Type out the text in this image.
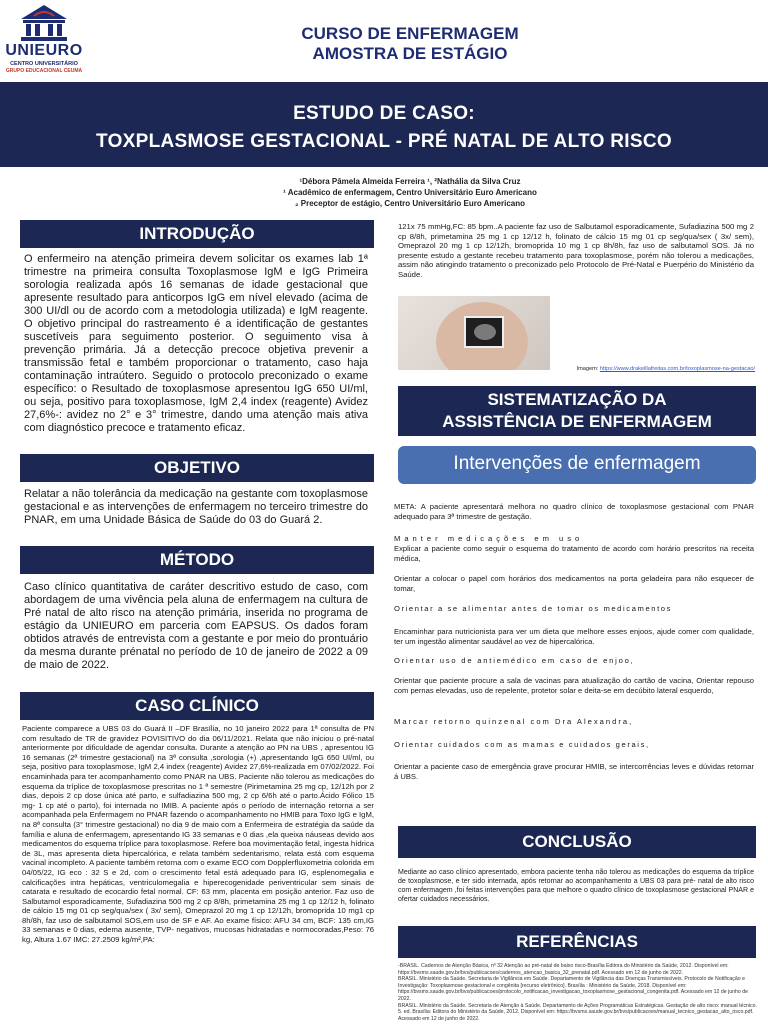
UNIEURO
CENTRO UNIVERSITÁRIO
GRUPO EDUCACIONAL CEUMA
CURSO DE ENFERMAGEM
AMOSTRA DE ESTÁGIO
ESTUDO DE CASO:
TOXPLASMOSE GESTACIONAL - PRÉ NATAL DE ALTO RISCO
¹Débora Pâmela Almeida Ferreira ¹, ²Nathália da Silva Cruz
¹ Acadêmico de enfermagem, Centro Universitário Euro Americano
₂ Preceptor de estágio, Centro Universitário Euro Americano
INTRODUÇÃO
O enfermeiro na atenção primeira devem solicitar os exames lab 1ª trimestre na primeira consulta Toxoplasmose IgM e IgG Primeira sorologia realizada após 16 semanas de idade gestacional que apresente resultado para anticorpos IgG em nível elevado (acima de 300 UI/dl ou de acordo com a metodologia utilizada) e IgM reagente. O objetivo principal do rastreamento é a identificação de gestantes suscetíveis para seguimento posterior. O seguimento visa à prevenção primária. Já a detecção precoce objetiva prevenir a transmissão fetal e também proporcionar o tratamento, caso haja contaminação intraútero. Seguido o protocolo preconizado o exame específico: o Resultado de toxoplasmose apresentou IgG 650 UI/ml, ou seja, positivo para toxoplasmose, IgM 2,4 index (reagente) Avidez 27,6%-: avidez no 2° e 3° trimestre, dando uma atenção mais ativa com diagnóstico precoce e tratamento eficaz.
OBJETIVO
Relatar a não tolerância da medicação na gestante com toxoplasmose gestacional e as intervenções de enfermagem no terceiro trimestre do PNAR, em uma Unidade Básica de Saúde do 03 do Guará 2.
MÉTODO
Caso clínico quantitativa de caráter descritivo estudo de caso, com abordagem de uma vivência pela aluna de enfermagem na cultura de Pré natal de alto risco na atenção primária, inserida no programa de estágio da UNIEURO em parceria com EAPSUS. Os dados foram obtidos através de entrevista com a gestante e por meio do prontuário da mesma durante prénatal no período de 10 de janeiro de 2022 a 09 de maio de 2022.
CASO CLÍNICO
Paciente comparece a UBS 03 do Guará II –DF Brasília, no 10 janeiro 2022 para 1ª consulta de PN com resultado de TR de gravidez POVISITIVO do dia 06/11/2021. Relata que não iniciou o pré-natal anteriormente por dificuldade de agendar consulta. Durante a atenção ao PN na UBS , apresentou IG 16 semanas (2ª trimestre gestacional) na 3ª consulta ,sorologia (+) ,apresentando IgG 650 UI/ml, ou seja, positivo para toxoplasmose, IgM 2,4 index (reagente) Avidez 27,6%-realizada em 07/02/2022. Foi encaminhada para ter acompanhamento como PNAR na UBS. Paciente não tolerou as medicações do esquema da tríplice de toxoplasmose prescritas no 1 ª semestre (Pirimetamina 25 mg cp, 12/12h por 2 dias, depois 2 cp dose única até parto, e sulfadiazina 500 mg, 2 cp 6/6h até o parto.Ácido Fólico 15 mg- 1 cp até o parto), foi internada no IMIB. A paciente após o período de internação retorna a ser acompanhada pela Enfermagem no PNAR fazendo o acompanhamento no HMIB para Toxo IgG e IgM, na 8ª consulta (3° trimestre gestacional) no dia 9 de maio com a Enfermeira de estratégia da saúde da família e aluna de enfermagem, apresentando IG 33 semanas e 0 dias ,ela queixa náuseas devido aos medicamentos do esquema tríplice para toxoplasmose. Refere boa movimentação fetal, ingesta hídrica de 3L, mas apresenta dieta hipercalórica, e relata também sedentarismo, relata está com esquema vacinal incompleto. A paciente também retorna com o exame ECO com Dopplerfluxometria colorida em 04/05/22, IG eco : 32 S e 2d, com o crescimento fetal está adequado para IG, esplenomegalia e calcificações intra hepáticas, ventriculomegalia e hiperecogenidade periventricular sem sinais de catarata e resultado de ecocardio fetal normal. CF: 63 mm, placenta em posição anterior. Faz uso de Salbutamol esporadicamente, Sufadiazina 500 mg 2 cp 8/8h, primetamina 25 mg 1 cp 12/12 h, folinato de cálcio 15 mg 01 cp seg/qua/sex ( 3x/ sem), Omeprazol 20 mg 1 cp 12/12h, bromoprida 10 mg1 cp 8h/8h, faz uso de salbutamol SOS,em uso de SF e AF. Ao exame físico: AFU 34 cm, BCF: 135 cm,IG 33 semanas e 0 dias, edema ausente, TVP- negativos, mucosas hidratadas e normocoradas,Peso: 76 kg, Altura 1.67 IMC: 27.2509 kg/m²,PA:
121x 75 mmHg,FC: 85 bpm..A paciente faz uso de Salbutamol esporadicamente, Sufadiazina 500 mg 2 cp 8/8h, primetamina 25 mg 1 cp 12/12 h, folinato de cálcio 15 mg 01 cp seg/qua/sex ( 3x/ sem), Omeprazol 20 mg 1 cp 12/12h, bromoprida 10 mg 1 cp 8h/8h, faz uso de salbutamol SOS. Já no presente estudo a gestante recebeu tratamento para toxoplasmose, porém não tolerou a medicações, assim não atingindo tratamento o preconizado pelo Protocolo de Pré-Natal e Puerpério do Ministério da Saúde.
Imagem: https://www.drakeillafreitas.com.br/toxoplasmose-na-gestacao/
SISTEMATIZAÇÃO DA
ASSISTÊNCIA DE ENFERMAGEM
Intervenções de enfermagem
META: A paciente apresentará melhora no quadro clínico de toxoplasmose gestacional com PNAR adequado para 3ª trimestre de gestação.
Manter medicações em uso
Explicar a paciente como seguir o esquema do tratamento de acordo com horário prescritos na receita médica,
Orientar a colocar o papel com horários dos medicamentos na porta geladeira para não esquecer de tomar,
Orientar a se alimentar antes de tomar os medicamentos
Encaminhar para nutricionista para ver um dieta que melhore esses enjoos, ajude comer com qualidade, ter um ingestão alimentar saudável ao vez de hipercalórica.
Orientar uso de antiemédico em caso de enjoo,
Orientar que paciente procure a sala de vacinas para atualização do cartão de vacina, Orientar repouso com pernas elevadas, uso de repelente, protetor solar e deita-se em decúbito lateral esquerdo,
Marcar retorno quinzenal com Dra Alexandra,
Orientar cuidados com as mamas e cuidados gerais,
Orientar a paciente caso de emergência grave procurar HMIB, se intercorrências leves e dúvidas retornar á UBS.
CONCLUSÃO
Mediante ao caso clínico apresentado, embora paciente tenha não tolerou as medicações do esquema da tríplice de toxoplasmose, e ter sido internada, após retornar ao acompanhamento a UBS 03 para pré- natal de alto risco com enfermagem ,foi feitas intervenções para que melhore o quadro clínico de toxoplasmose gestacional PNAR e ofertar cuidados necessários.
REFERÊNCIAS
-BRASIL. Cadernos de Atenção Básica, nº 32 Atenção ao pré-natal de baixo risco-Brasília Editora do Ministério da Saúde, 2012. Disponível em: https://bvsms.saude.gov.br/bvs/publicacoes/cadernos_atencao_basica_32_prenatal.pdf. Acessado em 12 de junho de 2022.
BRASIL. Ministério da Saúde. Secretaria de Vigilância em Saúde. Departamento de Vigilância das Doenças Transmissíveis. Protocolo de Notificação e Investigação: Toxoplasmose gestacional e congênita [recurso eletrônico]. Brasília : Ministério da Saúde, 2018. Disponível em: https://bvsms.saude.gov.br/bvs/publicacoes/protocolo_notificacao_investigacao_toxoplasmose_gestacional_congenita.pdf. Acessado em 12 de junho de 2022.
BRASIL. Ministério da Saúde. Secretaria de Atenção à Saúde. Departamento de Ações Programáticas Estratégicas. Gestação de alto risco: manual técnico. 5. ed. Brasília: Editora do Ministério da Saúde, 2012. Disponível em: https://bvsms.saude.gov.br/bvs/publicacoes/manual_tecnico_gestacao_alto_risco.pdf. Acessado em 12 de junho de 2022.
